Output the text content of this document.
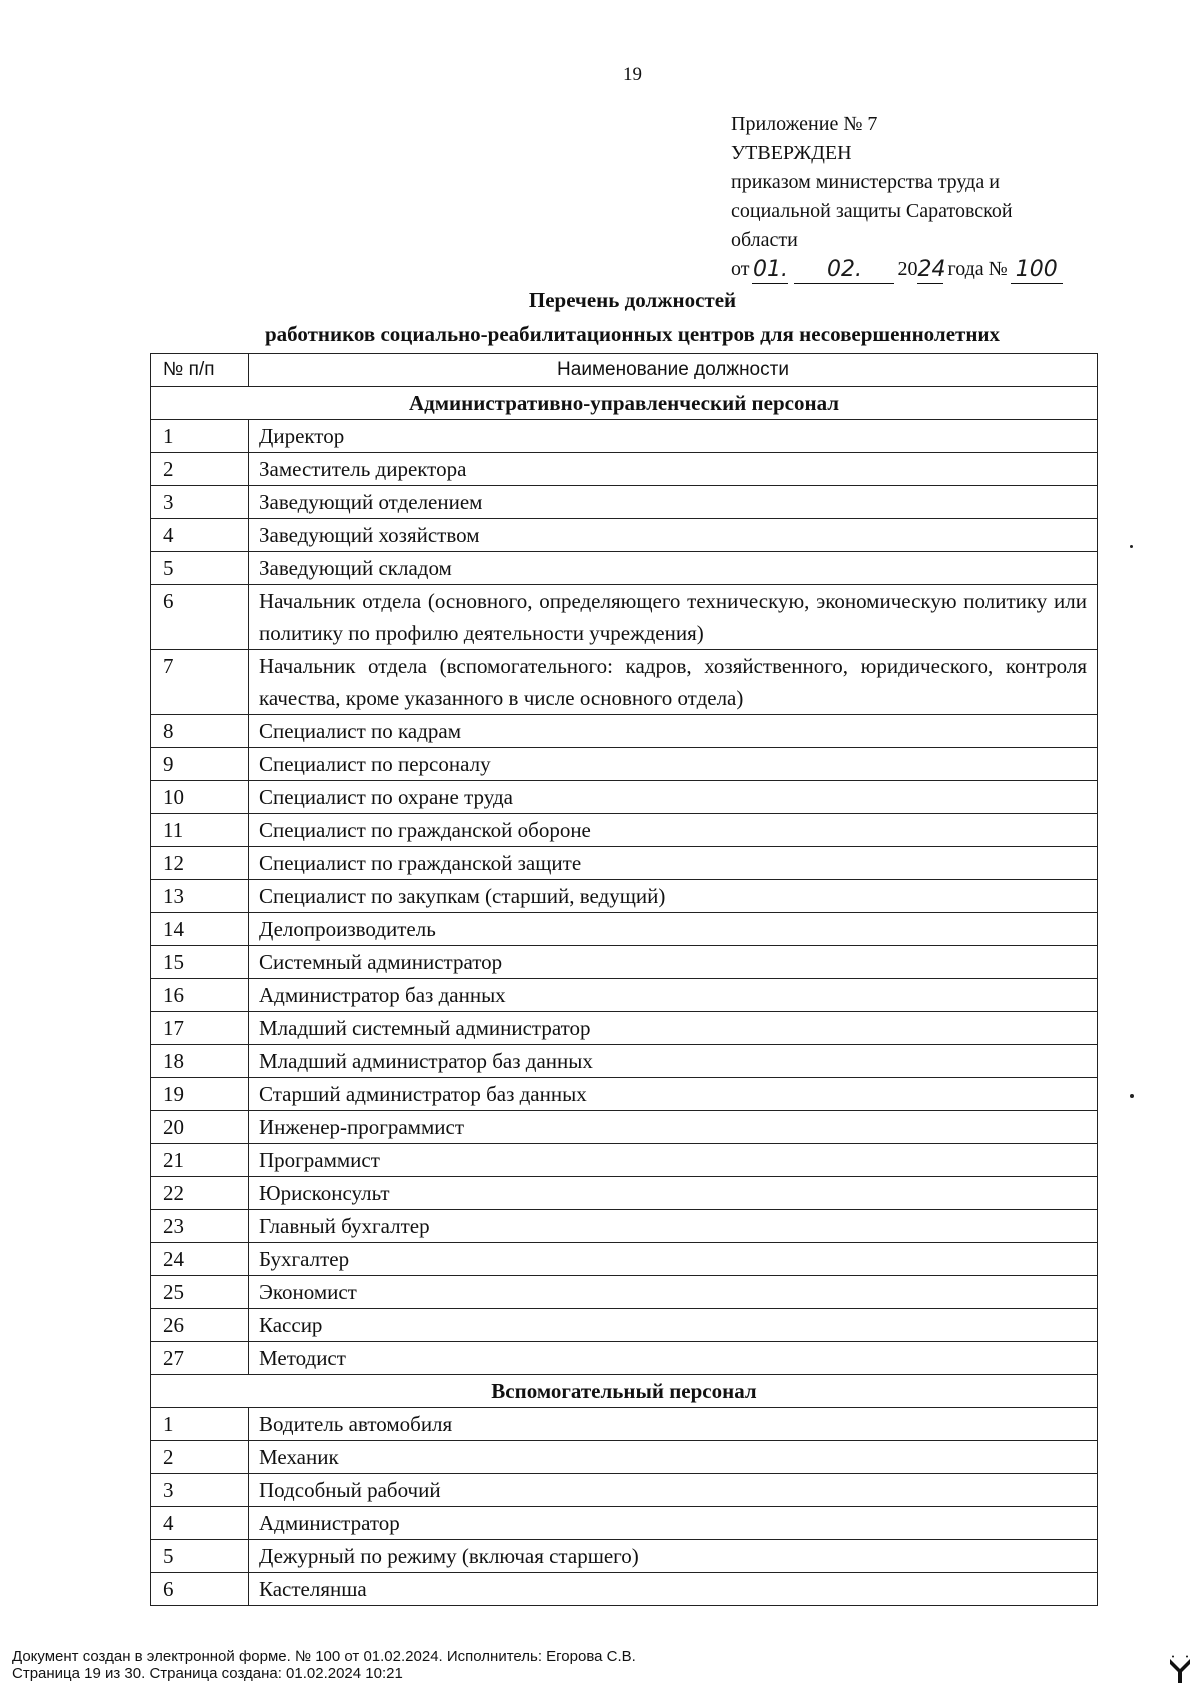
19
Приложение № 7
УТВЕРЖДЕН
приказом министерства труда и
социальной защиты Саратовской
области
от 01.	02.	20 24 года № 100
Перечень должностей
работников социально-реабилитационных центров для несовершеннолетних
№ п/п	Наименование должности
Административно-управленческий персонал	
1	Директор
2	Заместитель директора
3	Заведующий отделением
4	Заведующий хозяйством
5	Заведующий складом
6	Начальник отдела (основного, определяющего техническую, экономическую политику или политику по профилю деятельности учреждения)
7	Начальник отдела (вспомогательного: кадров, хозяйственного, юридического, контроля качества, кроме указанного в числе основного отдела)
8	Специалист по кадрам
9	Специалист по персоналу
10	Специалист по охране труда
11	Специалист по гражданской обороне
12	Специалист по гражданской защите
13	Специалист по закупкам (старший, ведущий)
14	Делопроизводитель
15	Системный администратор
16	Администратор баз данных
17	Младший системный администратор
18	Младший администратор баз данных
19	Старший администратор баз данных
20	Инженер-программист
21	Программист
22	Юрисконсульт
23	Главный бухгалтер
24	Бухгалтер
25	Экономист
26	Кассир
27	Методист
Вспомогательный персонал	
1	Водитель автомобиля
2	Механик
3	Подсобный рабочий
4	Администратор
5	Дежурный по режиму (включая старшего)
6	Кастелянша
Документ создан в электронной форме. № 100 от 01.02.2024. Исполнитель: Егорова С.В.
Страница 19 из 30. Страница создана: 01.02.2024 10:21
